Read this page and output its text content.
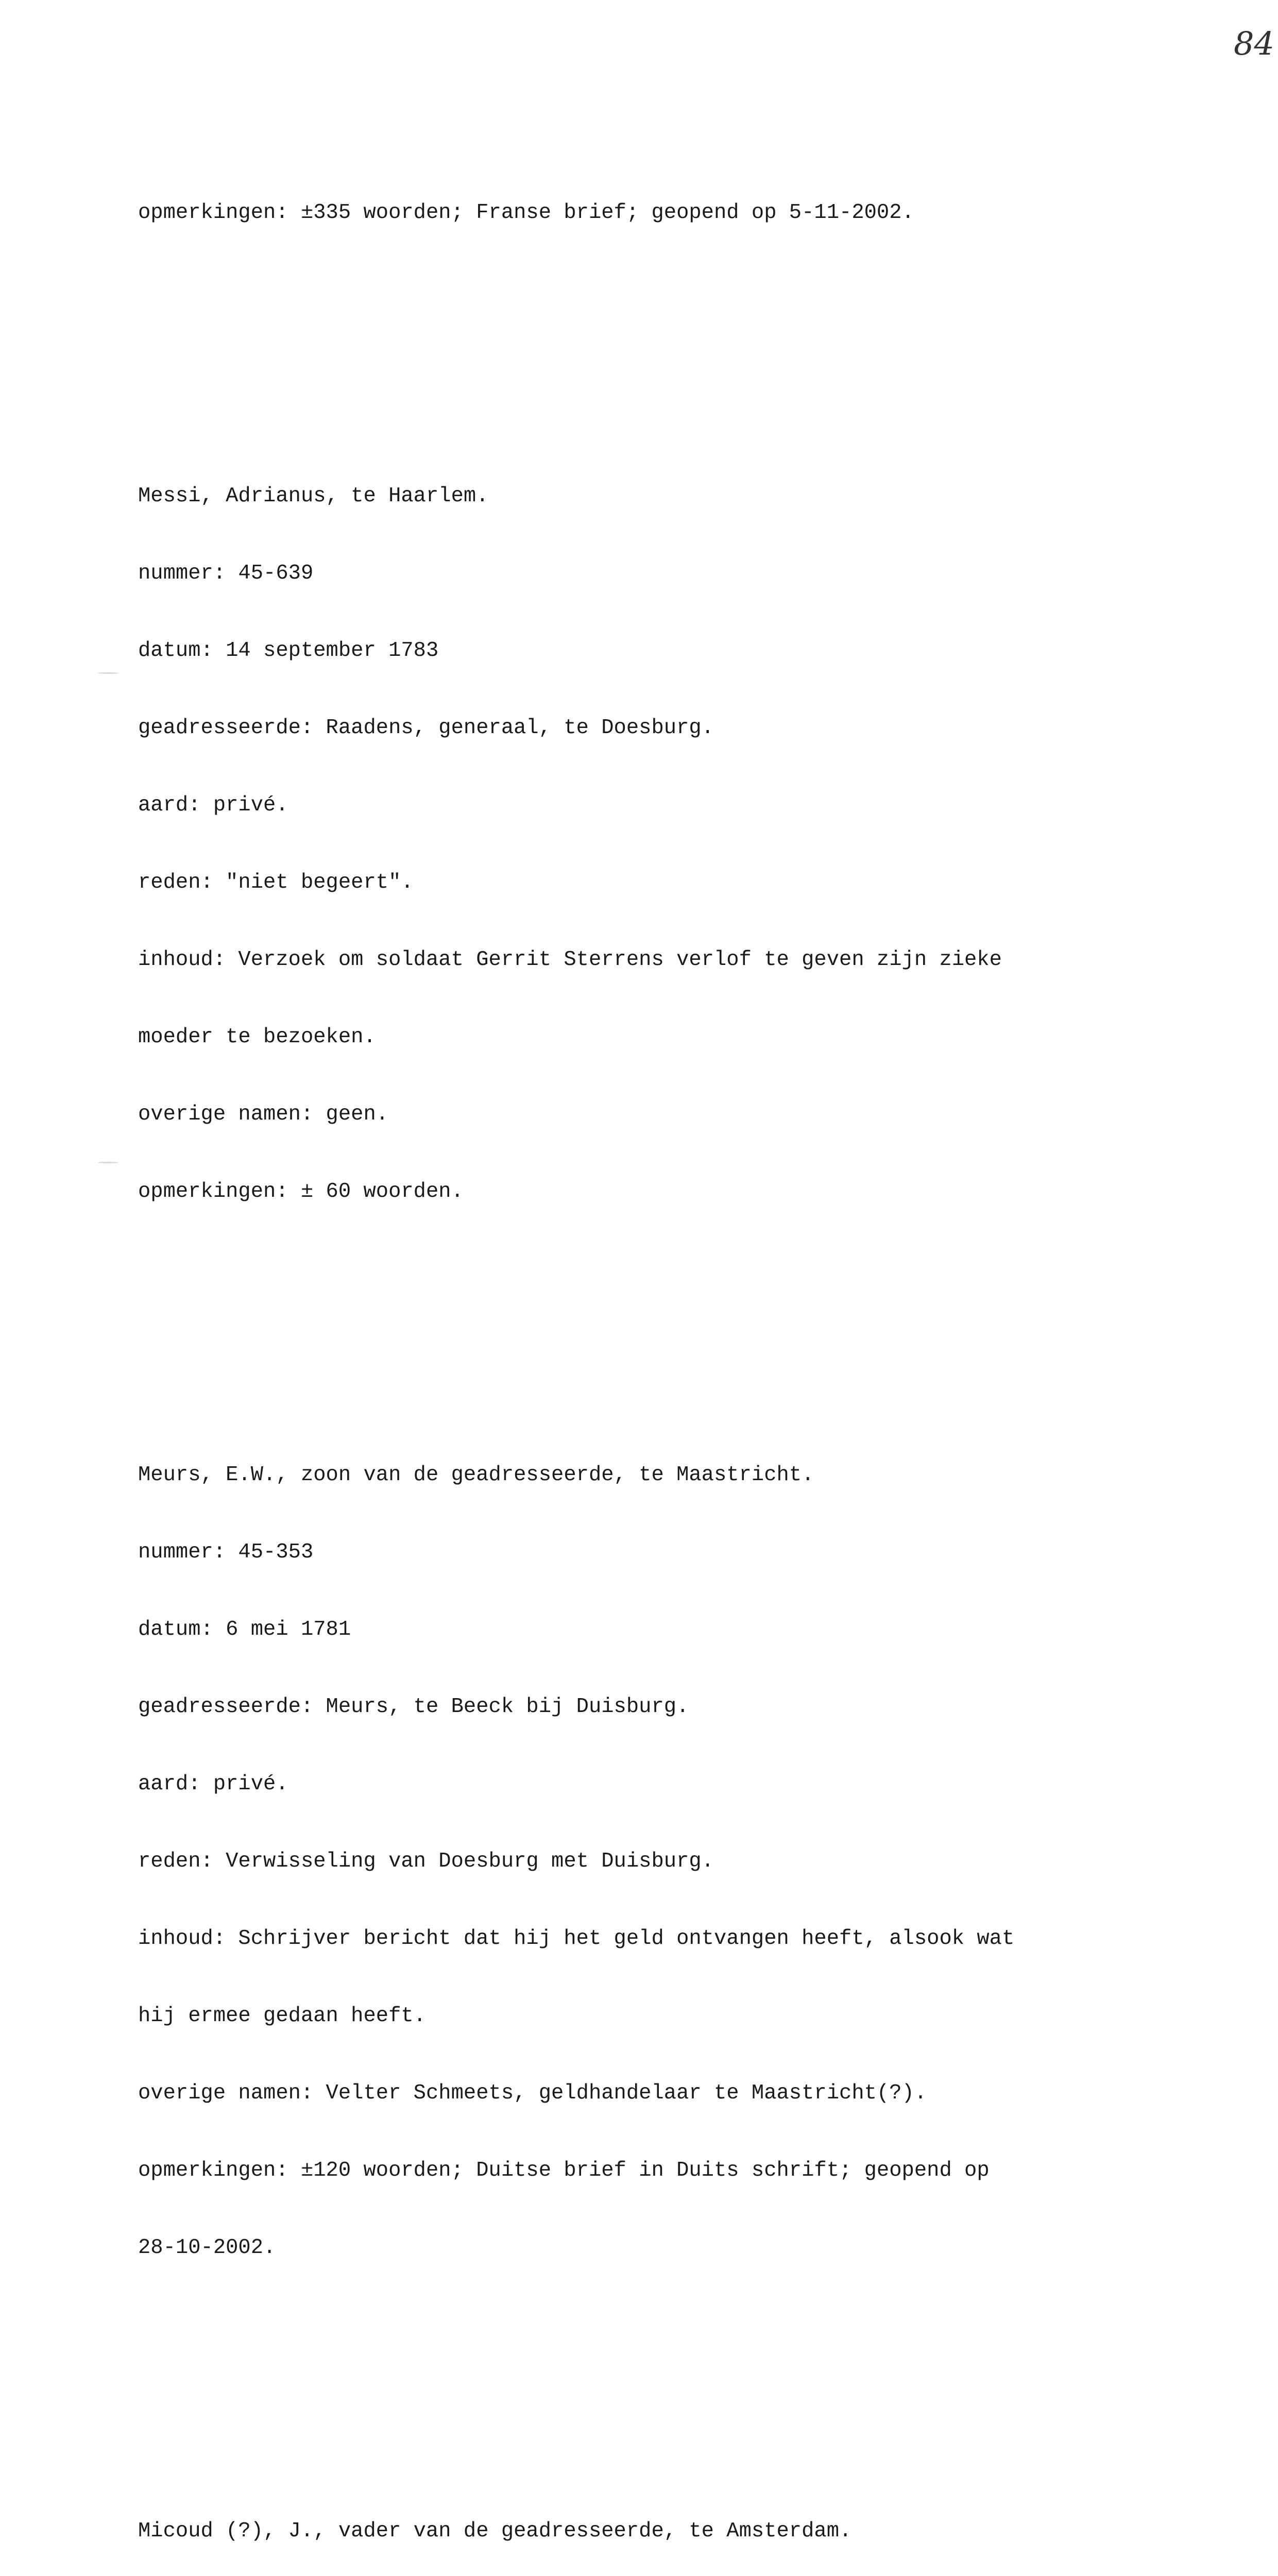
84

opmerkingen: ±335 woorden; Franse brief; geopend op 5-11-2002.

Messi, Adrianus, te Haarlem.

nummer: 45-639

datum: 14 september 1783

geadresseerde: Raadens, generaal, te Doesburg.

aard: privé.

reden: "niet begeert".

inhoud: Verzoek om soldaat Gerrit Sterrens verlof te geven zijn zieke

moeder te bezoeken.

overige namen: geen.

opmerkingen: ± 60 woorden.

Meurs, E.W., zoon van de geadresseerde, te Maastricht.

nummer: 45-353

datum: 6 mei 1781

geadresseerde: Meurs, te Beeck bij Duisburg.

aard: privé.

reden: Verwisseling van Doesburg met Duisburg.

inhoud: Schrijver bericht dat hij het geld ontvangen heeft, alsook wat

hij ermee gedaan heeft.

overige namen: Velter Schmeets, geldhandelaar te Maastricht(?).

opmerkingen: ±120 woorden; Duitse brief in Duits schrift; geopend op

28-10-2002.

Micoud (?), J., vader van de geadresseerde, te Amsterdam.
